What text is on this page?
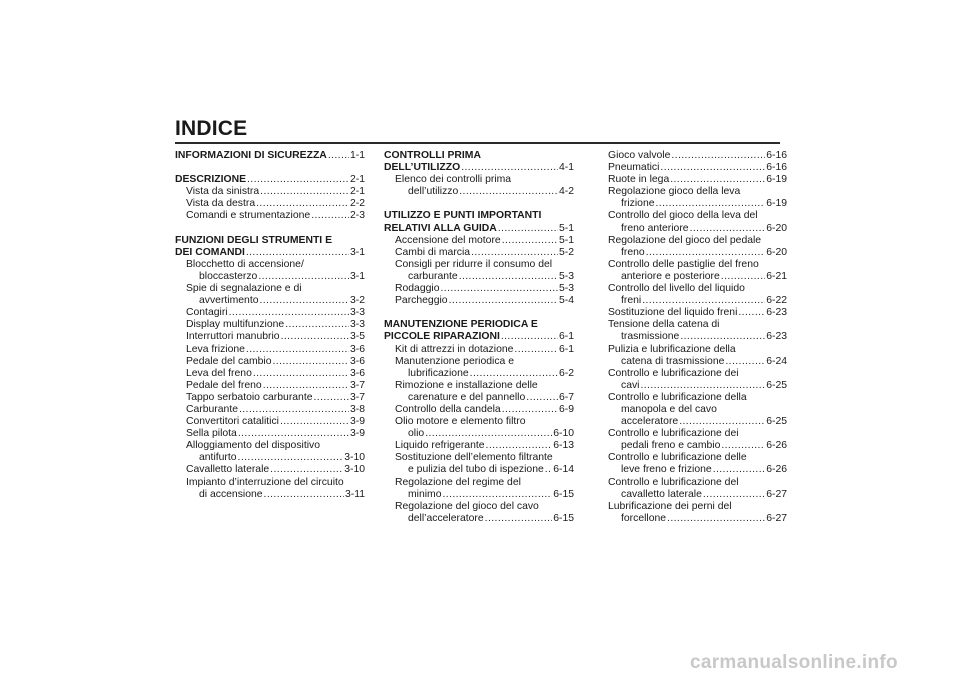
INDICE
INFORMAZIONI DI SICUREZZA ..... 1-1
DESCRIZIONE .....	2-1
Vista da sinistra .....	2-1
Vista da destra .....	2-2
Comandi e strumentazione .....	2-3
FUNZIONI DEGLI STRUMENTI E
DEI COMANDI .....	3-1
Blocchetto di accensione/
bloccasterzo .....	3-1
Spie di segnalazione e di
avvertimento .....	3-2
Contagiri .....	3-3
Display multifunzione .....	3-3
Interruttori manubrio .....	3-5
Leva frizione .....	3-6
Pedale del cambio .....	3-6
Leva del freno .....	3-6
Pedale del freno .....	3-7
Tappo serbatoio carburante .....	3-7
Carburante .....	3-8
Convertitori catalitici .....	3-9
Sella pilota .....	3-9
Alloggiamento del dispositivo
antifurto .....	3-10
Cavalletto laterale .....	3-10
Impianto d’interruzione del circuito
di accensione .....	3-11
CONTROLLI PRIMA
DELL’UTILIZZO .....	4-1
Elenco dei controlli prima
dell’utilizzo .....	4-2
UTILIZZO E PUNTI IMPORTANTI
RELATIVI ALLA GUIDA .....	5-1
Accensione del motore .....	5-1
Cambi di marcia .....	5-2
Consigli per ridurre il consumo del
carburante .....	5-3
Rodaggio .....	5-3
Parcheggio .....	5-4
MANUTENZIONE PERIODICA E
PICCOLE RIPARAZIONI .....	6-1
Kit di attrezzi in dotazione .....	6-1
Manutenzione periodica e
lubrificazione .....	6-2
Rimozione e installazione delle
carenature e del pannello .....	6-7
Controllo della candela .....	6-9
Olio motore e elemento filtro
olio .....	6-10
Liquido refrigerante .....	6-13
Sostituzione dell’elemento filtrante
e pulizia del tubo di ispezione ..... 6-14
Regolazione del regime del
minimo .....	6-15
Regolazione del gioco del cavo
dell’acceleratore .....	6-15
Gioco valvole .....	6-16
Pneumatici .....	6-16
Ruote in lega .....	6-19
Regolazione gioco della leva
frizione .....	6-19
Controllo del gioco della leva del
freno anteriore .....	6-20
Regolazione del gioco del pedale
freno .....	6-20
Controllo delle pastiglie del freno
anteriore e posteriore .....	6-21
Controllo del livello del liquido
freni .....	6-22
Sostituzione del liquido freni .....	6-23
Tensione della catena di
trasmissione .....	6-23
Pulizia e lubrificazione della
catena di trasmissione .....	6-24
Controllo e lubrificazione dei
cavi .....	6-25
Controllo e lubrificazione della
manopola e del cavo
acceleratore .....	6-25
Controllo e lubrificazione dei
pedali freno e cambio .....	6-26
Controllo e lubrificazione delle
leve freno e frizione .....	6-26
Controllo e lubrificazione del
cavalletto laterale .....	6-27
Lubrificazione dei perni del
forcellone .....	6-27
carmanualsonline.info
